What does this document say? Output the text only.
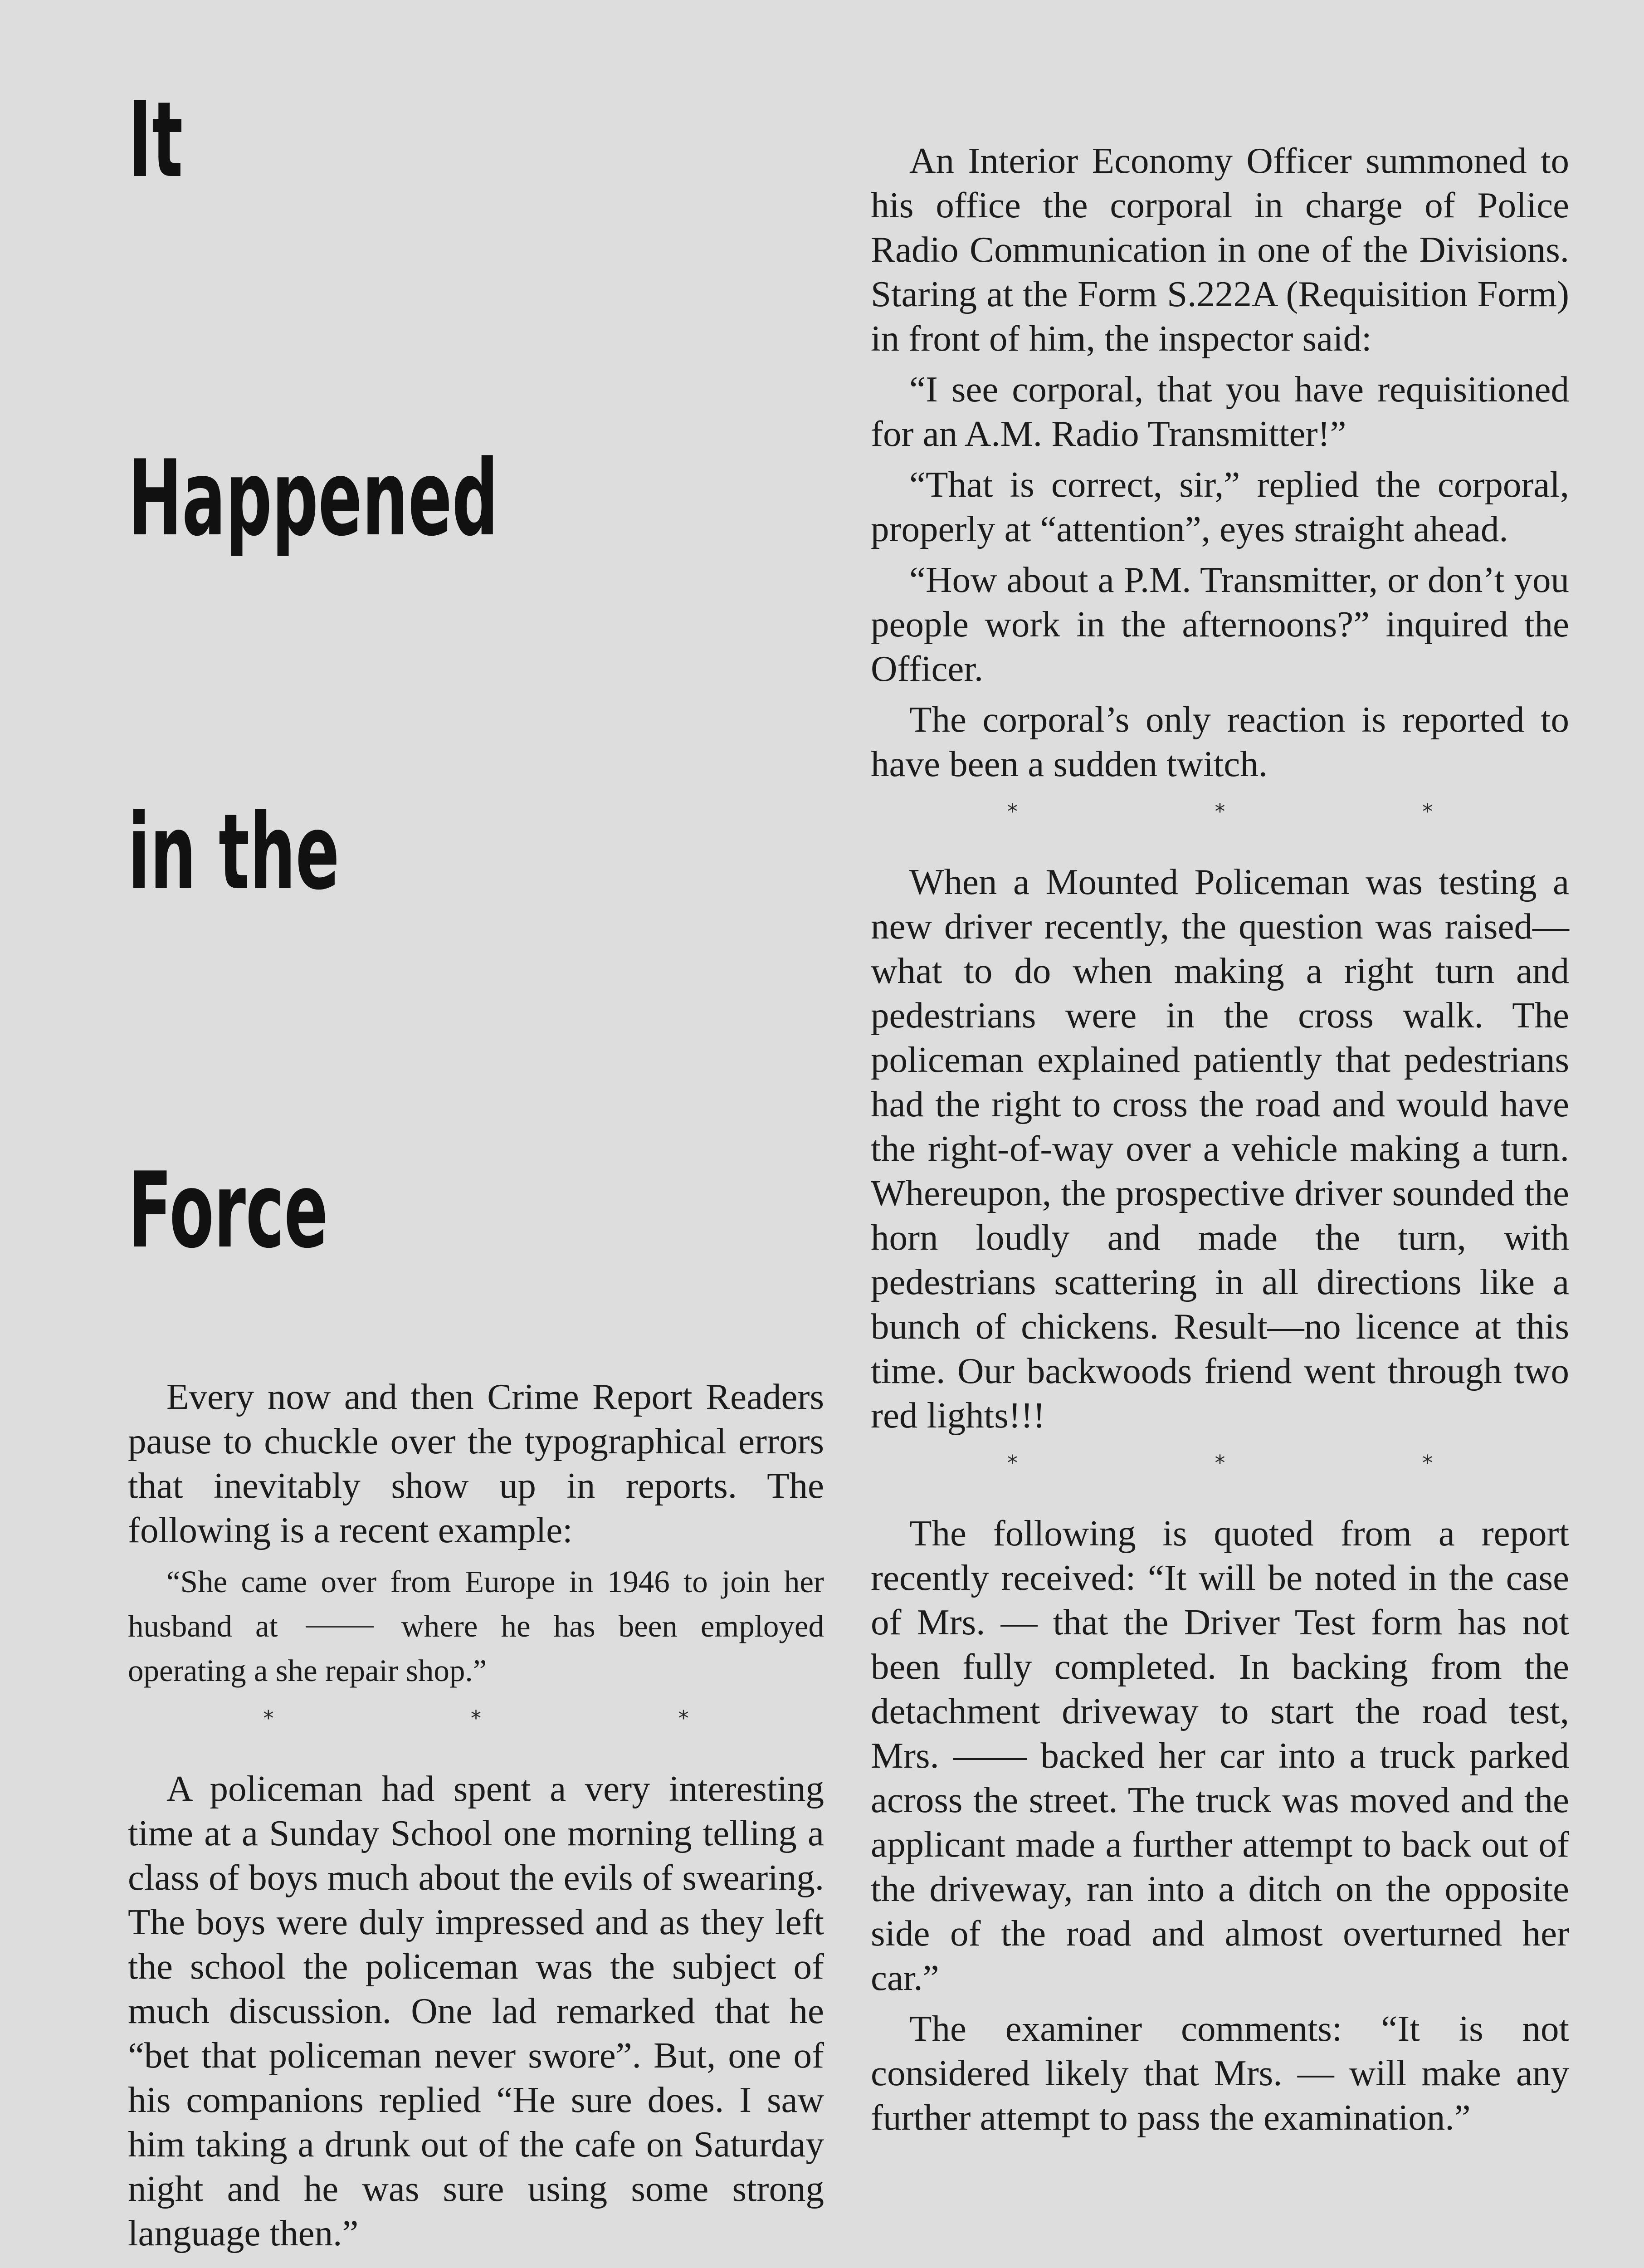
It
Happened
in the
Force

Every now and then Crime Report Readers pause to chuckle over the typographical errors that inevitably show up in reports. The following is a recent example:

“She came over from Europe in 1946 to join her husband at	where he has been employed operating a she repair shop.”

* * *

A policeman had spent a very interesting time at a Sunday School one morning telling a class of boys much about the evils of swearing. The boys were duly impressed and as they left the school the policeman was the subject of much discussion. One lad remarked that he “bet that policeman never swore”. But, one of his companions replied “He sure does. I saw him taking a drunk out of the cafe on Saturday night and he was sure using some strong language then.”

An Interior Economy Officer summoned to his office the corporal in charge of Police Radio Communication in one of the Divisions. Staring at the Form S.222A (Requisition Form) in front of him, the inspector said:

“I see corporal, that you have requisitioned for an A.M. Radio Transmitter!”

“That is correct, sir,” replied the corporal, properly at “attention”, eyes straight ahead.

“How about a P.M. Transmitter, or don’t you people work in the afternoons?” inquired the Officer.

The corporal’s only reaction is reported to have been a sudden twitch.

* * *

When a Mounted Policeman was testing a new driver recently, the question was raised—what to do when making a right turn and pedestrians were in the cross walk. The policeman explained patiently that pedestrians had the right to cross the road and would have the right-of-way over a vehicle making a turn. Whereupon, the prospective driver sounded the horn loudly and made the turn, with pedestrians scattering in all directions like a bunch of chickens. Result—no licence at this time. Our backwoods friend went through two red lights!!!

* * *

The following is quoted from a report recently received: “It will be noted in the case of Mrs. — that the Driver Test form has not been fully completed. In backing from the detachment driveway to start the road test, Mrs. —— backed her car into a truck parked across the street. The truck was moved and the applicant made a further attempt to back out of the driveway, ran into a ditch on the opposite side of the road and almost overturned her car.”

The examiner comments: “It is not considered likely that Mrs. — will make any further attempt to pass the examination.”
